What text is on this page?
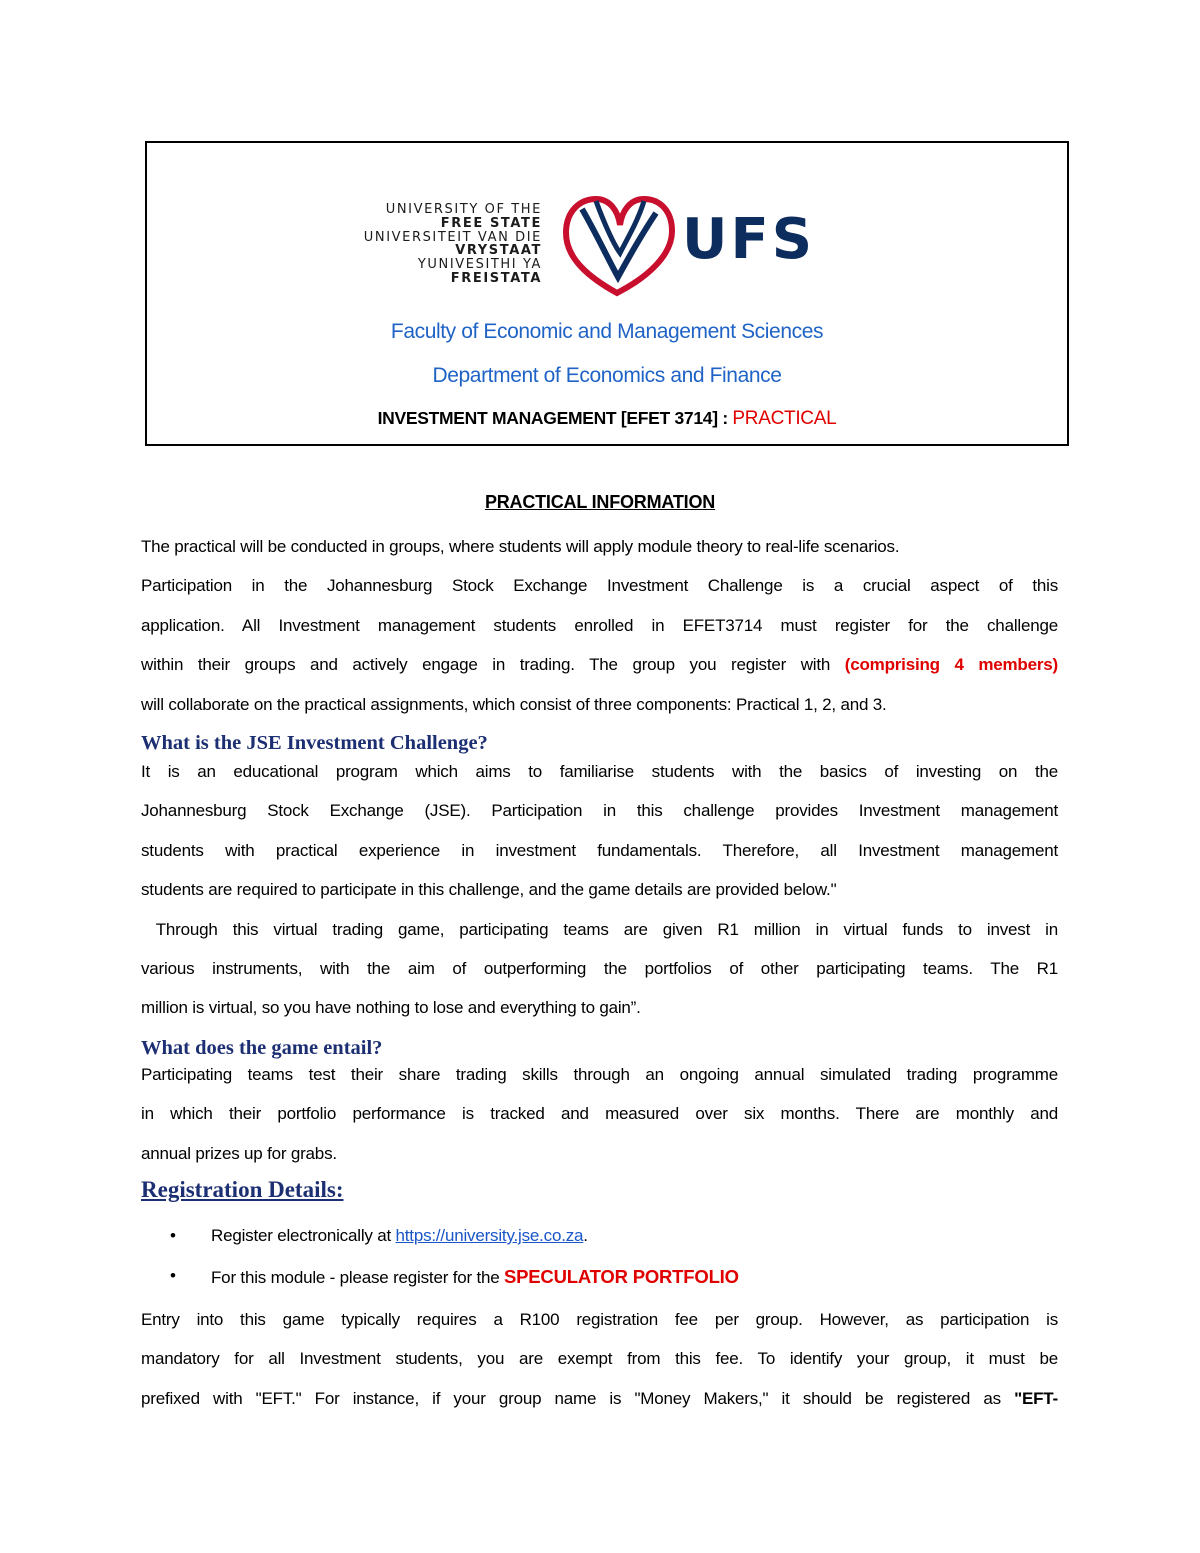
UNIVERSITY OF THE
FREE STATE
UNIVERSITEIT VAN DIE
VRYSTAAT
YUNIVESITHI YA
FREISTATA
UFS
Faculty of Economic and Management Sciences
Department of Economics and Finance
INVESTMENT MANAGEMENT [EFET 3714] : PRACTICAL
PRACTICAL INFORMATION
The practical will be conducted in groups, where students will apply module theory to real-life scenarios.
Participation in the Johannesburg Stock Exchange Investment Challenge is a crucial aspect of this
application. All Investment management students enrolled in EFET3714 must register for the challenge
within their groups and actively engage in trading. The group you register with (comprising 4 members)
will collaborate on the practical assignments, which consist of three components: Practical 1, 2, and 3.
What is the JSE Investment Challenge?
It is an educational program which aims to familiarise students with the basics of investing on the
Johannesburg Stock Exchange (JSE). Participation in this challenge provides Investment management
students with practical experience in investment fundamentals. Therefore, all Investment management
students are required to participate in this challenge, and the game details are provided below."
Through this virtual trading game, participating teams are given R1 million in virtual funds to invest in
various instruments, with the aim of outperforming the portfolios of other participating teams. The R1
million is virtual, so you have nothing to lose and everything to gain”.
What does the game entail?
Participating teams test their share trading skills through an ongoing annual simulated trading programme
in which their portfolio performance is tracked and measured over six months. There are monthly and
annual prizes up for grabs.
Registration Details:
• Register electronically at https://university.jse.co.za.
• For this module - please register for the SPECULATOR PORTFOLIO
Entry into this game typically requires a R100 registration fee per group. However, as participation is
mandatory for all Investment students, you are exempt from this fee. To identify your group, it must be
prefixed with "EFT." For instance, if your group name is "Money Makers," it should be registered as "EFT-
